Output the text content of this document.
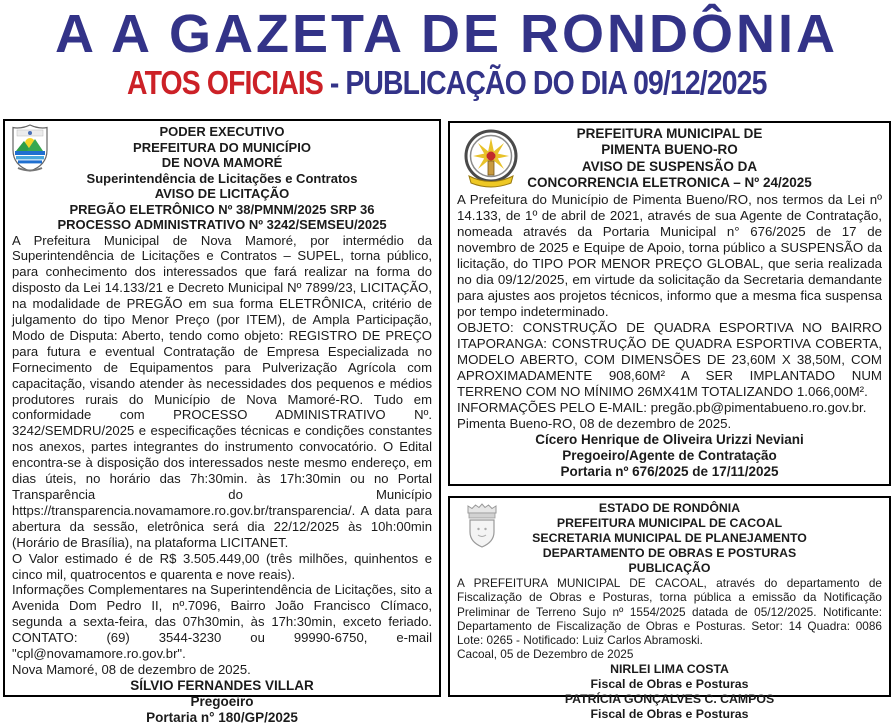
A A GAZETA DE RONDÔNIA
ATOS OFICIAIS - PUBLICAÇÃO DO DIA 09/12/2025
PODER EXECUTIVO
PREFEITURA DO MUNICÍPIO
DE NOVA MAMORÉ
Superintendência de Licitações e Contratos
AVISO DE LICITAÇÃO
PREGÃO ELETRÔNICO Nº 38/PMNM/2025 SRP 36
PROCESSO ADMINISTRATIVO Nº 3242/SEMSEU/2025

A Prefeitura Municipal de Nova Mamoré, por intermédio da Superintendência de Licitações e Contratos – SUPEL, torna público, para conhecimento dos interessados que fará realizar na forma do disposto da Lei 14.133/21 e Decreto Municipal Nº 7899/23, LICITAÇÃO, na modalidade de PREGÃO em sua forma ELETRÔNICA, critério de julgamento do tipo Menor Preço (por ITEM), de Ampla Participação, Modo de Disputa: Aberto, tendo como objeto: REGISTRO DE PREÇO para futura e eventual Contratação de Empresa Especializada no Fornecimento de Equipamentos para Pulverização Agrícola com capacitação, visando atender às necessidades dos pequenos e médios produtores rurais do Município de Nova Mamoré-RO. Tudo em conformidade com PROCESSO ADMINISTRATIVO Nº. 3242/SEMDRU/2025 e especificações técnicas e condições constantes nos anexos, partes integrantes do instrumento convocatório. O Edital encontra-se à disposição dos interessados neste mesmo endereço, em dias úteis, no horário das 7h:30min. às 17h:30min ou no Portal Transparência do Município https://transparencia.novamamore.ro.gov.br/transparencia/. A data para abertura da sessão, eletrônica será dia 22/12/2025 às 10h:00min (Horário de Brasília), na plataforma LICITANET.

O Valor estimado é de R$ 3.505.449,00 (três milhões, quinhentos e cinco mil, quatrocentos e quarenta e nove reais).

Informações Complementares na Superintendência de Licitações, sito a Avenida Dom Pedro II, nº.7096, Bairro João Francisco Clímaco, segunda a sexta-feira, das 07h30min, às 17h:30min, exceto feriado. CONTATO: (69) 3544-3230 ou 99990-6750, e-mail "cpl@novamamore.ro.gov.br".

Nova Mamoré, 08 de dezembro de 2025.

SÍLVIO FERNANDES VILLAR
Pregoeiro
Portaria n° 180/GP/2025
PREFEITURA MUNICIPAL DE
PIMENTA BUENO-RO
AVISO DE SUSPENSÃO DA
CONCORRENCIA ELETRONICA – Nº 24/2025

A Prefeitura do Município de Pimenta Bueno/RO, nos termos da Lei nº 14.133, de 1º de abril de 2021, através de sua Agente de Contratação, nomeada através da Portaria Municipal n° 676/2025 de 17 de novembro de 2025 e Equipe de Apoio, torna público a SUSPENSÃO da licitação, do TIPO POR MENOR PREÇO GLOBAL, que seria realizada no dia 09/12/2025, em virtude da solicitação da Secretaria demandante para ajustes aos projetos técnicos, informo que a mesma fica suspensa por tempo indeterminado.

OBJETO: CONSTRUÇÃO DE QUADRA ESPORTIVA NO BAIRRO ITAPORANGA: CONSTRUÇÃO DE QUADRA ESPORTIVA COBERTA, MODELO ABERTO, COM DIMENSÕES DE 23,60M X 38,50M, COM APROXIMADAMENTE 908,60M² A SER IMPLANTADO NUM TERRENO COM NO MÍNIMO 26MX41M TOTALIZANDO 1.066,00M².

INFORMAÇÕES PELO E-MAIL: pregão.pb@pimentabueno.ro.gov.br.

Pimenta Bueno-RO, 08 de dezembro de 2025.

Cícero Henrique de Oliveira Urizzi Neviani
Pregoeiro/Agente de Contratação
Portaria nº 676/2025 de 17/11/2025
ESTADO DE RONDÔNIA
PREFEITURA MUNICIPAL DE CACOAL
SECRETARIA MUNICIPAL DE PLANEJAMENTO
DEPARTAMENTO DE OBRAS E POSTURAS
PUBLICAÇÃO

A PREFEITURA MUNICIPAL DE CACOAL, através do departamento de Fiscalização de Obras e Posturas, torna pública a emissão da Notificação Preliminar de Terreno Sujo nº 1554/2025 datada de 05/12/2025. Notificante: Departamento de Fiscalização de Obras e Posturas. Setor: 14 Quadra: 0086 Lote: 0265 - Notificado: Luiz Carlos Abramoski.

Cacoal, 05 de Dezembro de 2025

NIRLEI LIMA COSTA
Fiscal de Obras e Posturas
PATRÍCIA GONÇALVES C. CAMPOS
Fiscal de Obras e Posturas
